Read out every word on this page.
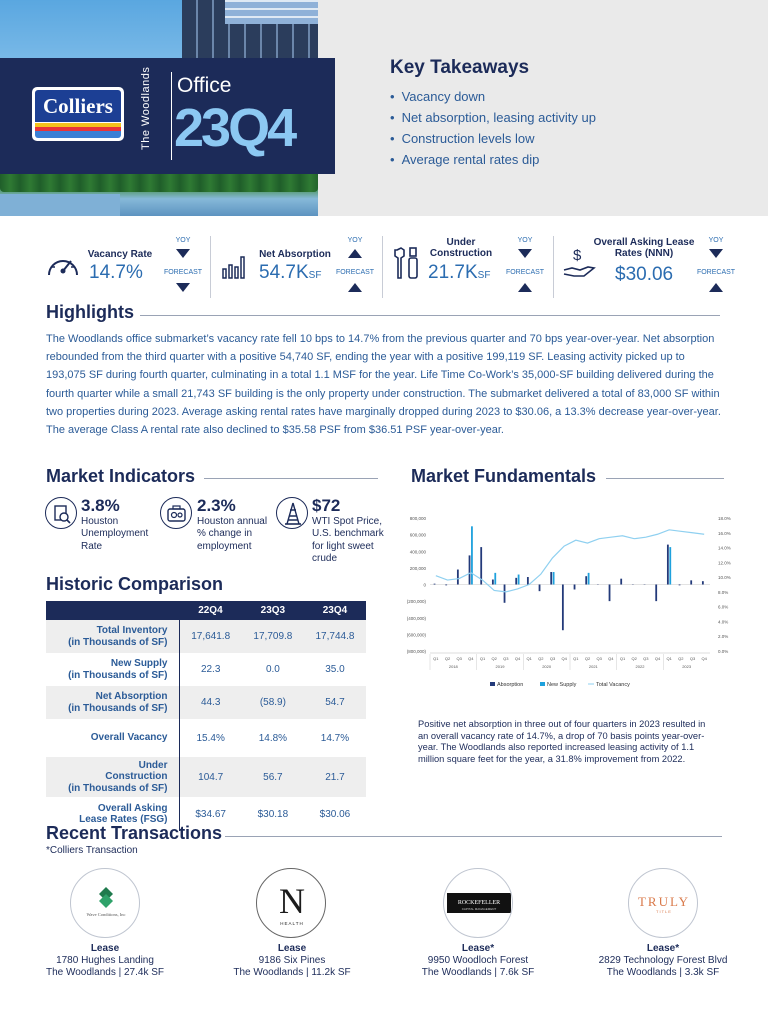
Colliers	The Woodlands Office
23Q4
Key Takeaways
• Vacancy down
• Net absorption, leasing activity up
• Construction levels low
• Average rental rates dip
Vacancy Rate
14.7%
YOY
FORECAST
Net Absorption
54.7KSF
YOY
FORECAST
Under Construction
21.7KSF
YOY
FORECAST
$
Overall Asking Lease Rates (NNN)
$30.06
YOY
FORECAST
Highlights
The Woodlands office submarket’s vacancy rate fell 10 bps to 14.7% from the previous quarter and 70 bps year-over-year. Net absorption rebounded from the third quarter with a positive 54,740 SF, ending the year with a positive 199,119 SF. Leasing activity picked up to 193,075 SF during fourth quarter, culminating in a total 1.1 MSF for the year. Life Time Co-Work’s 35,000-SF building delivered during the fourth quarter while a small 21,743 SF building is the only property under construction. The submarket delivered a total of 83,000 SF within two properties during 2023. Average asking rental rates have marginally dropped during 2023 to $30.06, a 13.3% decrease year-over-year. The average Class A rental rate also declined to $35.58 PSF from $36.51 PSF year-over-year.
Market Indicators
3.8%
Houston
Unemployment
Rate
2.3%
Houston annual
% change in
employment
$72
WTI Spot Price,
U.S. benchmark
for light sweet
crude
Historic Comparison
	22Q4	23Q3	23Q4

Total Inventory
(in Thousands of SF)	17,641.8	17,709.8	17,744.8

New Supply
(in Thousands of SF)	22.3	0.0	35.0

Net Absorption
(in Thousands of SF)	44.3	(58.9)	54.7

Overall Vacancy	15.4%	14.8%	14.7%

Under
Construction
(in Thousands of SF)	104.7	56.7	21.7

Overall Asking
Lease Rates (FSG)	$34.67	$30.18	$30.06
Market Fundamentals
800,000
600,000
400,000
200,000
0
(200,000)
(400,000)
(600,000)
(800,000)
18.0%
16.0%
14.0%
12.0%
10.0%
8.0%
6.0%
4.0%
2.0%
0.0%
Q1 Q2 Q3 Q4 Q1 Q2 Q3 Q4 Q1 Q2 Q3 Q4 Q1 Q2 Q3 Q4 Q1 Q2 Q3 Q4 Q1 Q2 Q3 Q4
2018	2019	2020	2021	2022	2023
Absorption	New Supply	Total Vacancy
Positive net absorption in three out of four quarters in 2023 resulted in an overall vacancy rate of 14.7%, a drop of 70 basis points year-over-year. The Woodlands also reported increased leasing activity of 1.1 million square feet for the year, a 31.8% improvement from 2022.
Recent Transactions
*Colliers Transaction
Wave Conditions, Inc
Lease
1780 Hughes Landing
The Woodlands | 27.4k SF
N
HEALTH
Lease
9186 Six Pines
The Woodlands | 11.2k SF
ROCKEFELLER
CAPITAL MANAGEMENT
Lease*
9950 Woodloch Forest
The Woodlands | 7.6k SF
TRULY
TITLE
Lease*
2829 Technology Forest Blvd
The Woodlands | 3.3k SF
